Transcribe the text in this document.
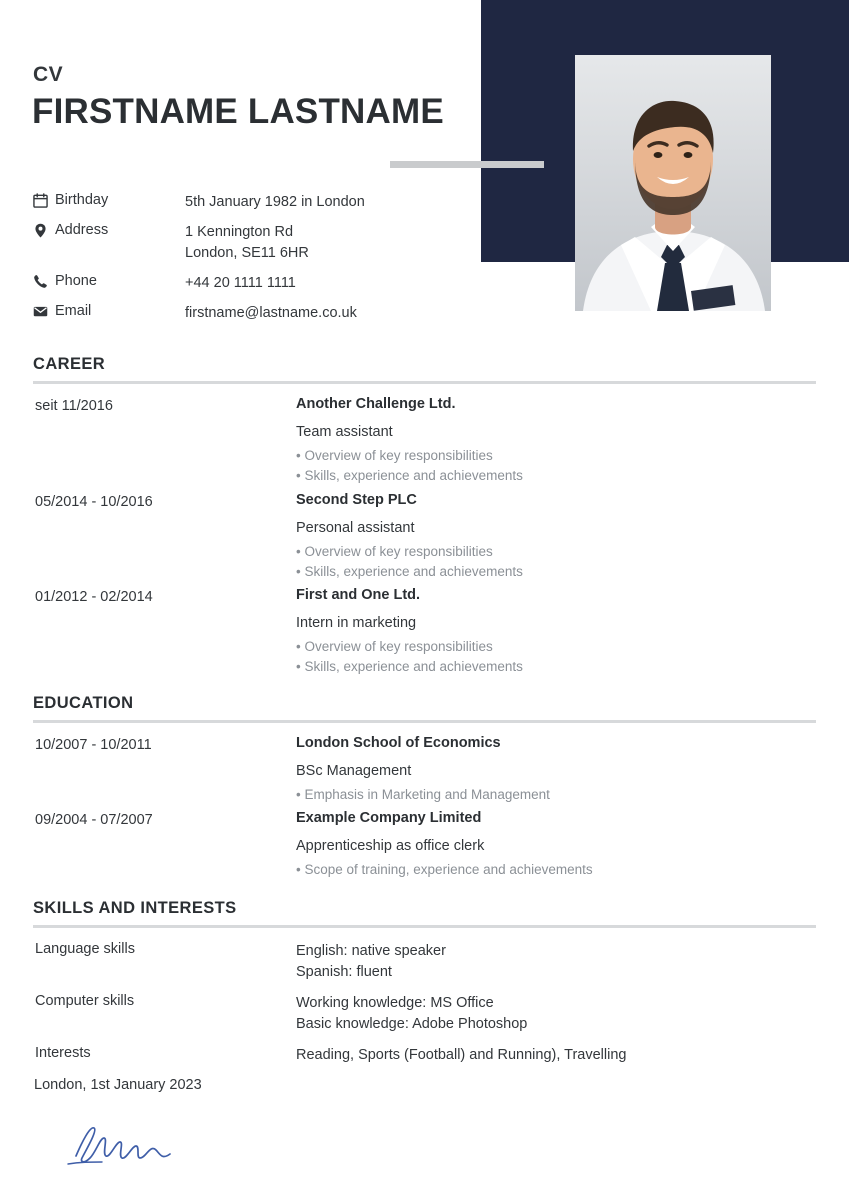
CV
FIRSTNAME LASTNAME
Birthday	5th January 1982 in London
Address	1 Kennington Rd
London, SE11 6HR
Phone	+44 20 1111 1111
Email	firstname@lastname.co.uk
CAREER
seit 11/2016	Another Challenge Ltd.
Team assistant
• Overview of key responsibilities
• Skills, experience and achievements
05/2014 - 10/2016	Second Step PLC
Personal assistant
• Overview of key responsibilities
• Skills, experience and achievements
01/2012 - 02/2014	First and One Ltd.
Intern in marketing
• Overview of key responsibilities
• Skills, experience and achievements
EDUCATION
10/2007 - 10/2011	London School of Economics
BSc Management
• Emphasis in Marketing and Management
09/2004 - 07/2007	Example Company Limited
Apprenticeship as office clerk
• Scope of training, experience and achievements
SKILLS AND INTERESTS
Language skills	English: native speaker
Spanish: fluent
Computer skills	Working knowledge: MS Office
Basic knowledge: Adobe Photoshop
Interests	Reading, Sports (Football) and Running), Travelling
London, 1st January 2023
